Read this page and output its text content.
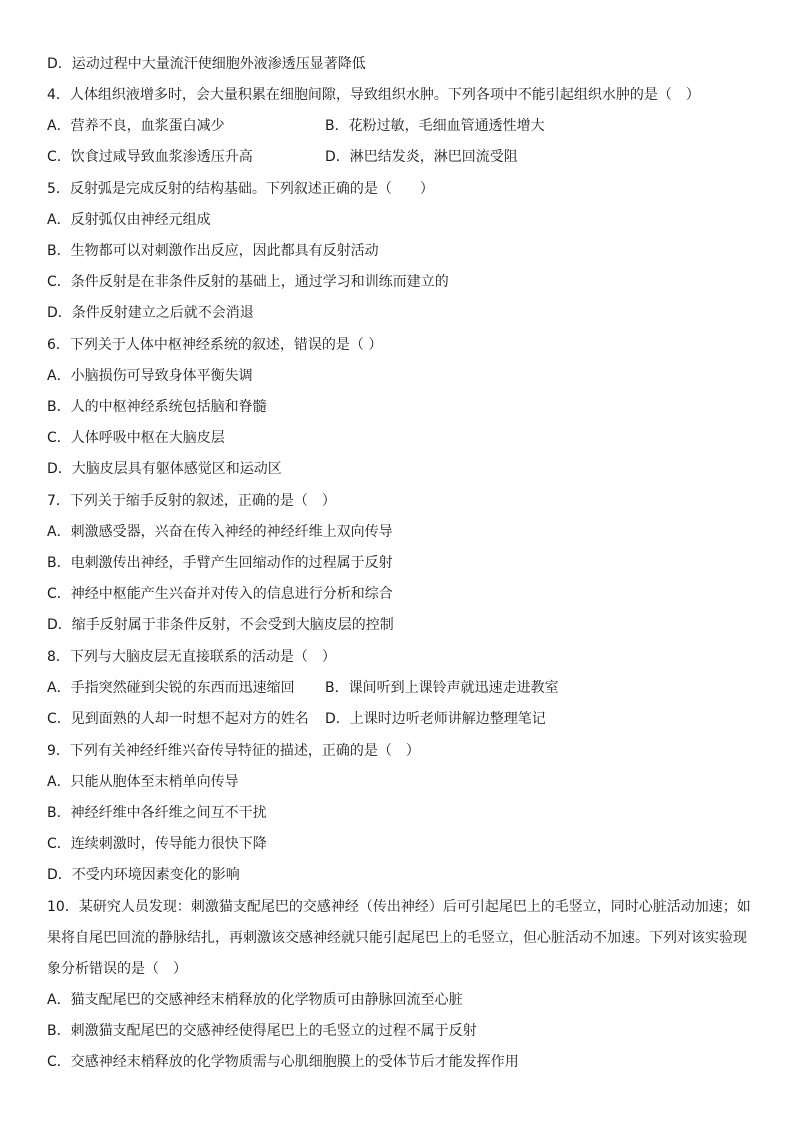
D．运动过程中大量流汗使细胞外液渗透压显著降低
4．人体组织液增多时，会大量积累在细胞间隙，导致组织水肿。下列各项中不能引起组织水肿的是（　）
A．营养不良，血浆蛋白减少	B．花粉过敏，毛细血管通透性增大
C．饮食过咸导致血浆渗透压升高	D．淋巴结发炎，淋巴回流受阻
5．反射弧是完成反射的结构基础。下列叙述正确的是（　　）
A．反射弧仅由神经元组成
B．生物都可以对刺激作出反应，因此都具有反射活动
C．条件反射是在非条件反射的基础上，通过学习和训练而建立的
D．条件反射建立之后就不会消退
6．下列关于人体中枢神经系统的叙述，错误的是（ ）
A．小脑损伤可导致身体平衡失调
B．人的中枢神经系统包括脑和脊髓
C．人体呼吸中枢在大脑皮层
D．大脑皮层具有躯体感觉区和运动区
7．下列关于缩手反射的叙述，正确的是（　）
A．刺激感受器，兴奋在传入神经的神经纤维上双向传导
B．电刺激传出神经，手臂产生回缩动作的过程属于反射
C．神经中枢能产生兴奋并对传入的信息进行分析和综合
D．缩手反射属于非条件反射，不会受到大脑皮层的控制
8．下列与大脑皮层无直接联系的活动是（　）
A．手指突然碰到尖锐的东西而迅速缩回 B．课间听到上课铃声就迅速走进教室
C．见到面熟的人却一时想不起对方的姓名 D．上课时边听老师讲解边整理笔记
9．下列有关神经纤维兴奋传导特征的描述，正确的是（　）
A．只能从胞体至末梢单向传导
B．神经纤维中各纤维之间互不干扰
C．连续刺激时，传导能力很快下降
D．不受内环境因素变化的影响
10．某研究人员发现：刺激猫支配尾巴的交感神经（传出神经）后可引起尾巴上的毛竖立，同时心脏活动加速；如
果将自尾巴回流的静脉结扎，再刺激该交感神经就只能引起尾巴上的毛竖立，但心脏活动不加速。下列对该实验现
象分析错误的是（　）
A．猫支配尾巴的交感神经末梢释放的化学物质可由静脉回流至心脏
B．刺激猫支配尾巴的交感神经使得尾巴上的毛竖立的过程不属于反射
C．交感神经末梢释放的化学物质需与心肌细胞膜上的受体节后才能发挥作用
